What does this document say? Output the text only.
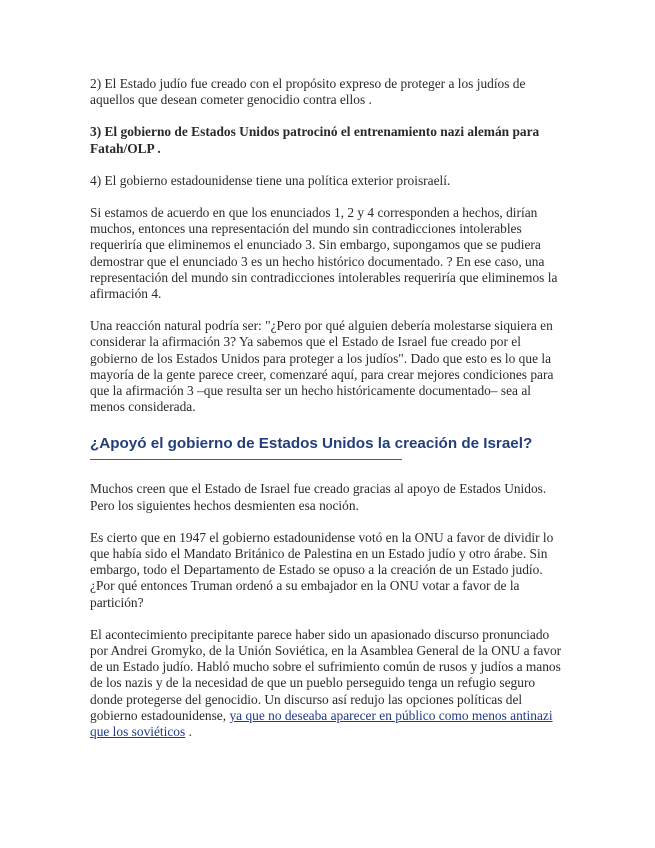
2) El Estado judío fue creado con el propósito expreso de proteger a los judíos de aquellos que desean cometer genocidio contra ellos .

3) El gobierno de Estados Unidos patrocinó el entrenamiento nazi alemán para Fatah/OLP .

4) El gobierno estadounidense tiene una política exterior proisraelí.

Si estamos de acuerdo en que los enunciados 1, 2 y 4 corresponden a hechos, dirían muchos, entonces una representación del mundo sin contradicciones intolerables requeriría que eliminemos el enunciado 3. Sin embargo, supongamos que se pudiera demostrar que el enunciado 3 es un hecho histórico documentado. ? En ese caso, una representación del mundo sin contradicciones intolerables requeriría que eliminemos la afirmación 4.

Una reacción natural podría ser: "¿Pero por qué alguien debería molestarse siquiera en considerar la afirmación 3? Ya sabemos que el Estado de Israel fue creado por el gobierno de los Estados Unidos para proteger a los judíos". Dado que esto es lo que la mayoría de la gente parece creer, comenzaré aquí, para crear mejores condiciones para que la afirmación 3 –que resulta ser un hecho históricamente documentado– sea al menos considerada.

¿Apoyó el gobierno de Estados Unidos la creación de Israel?
————————————————————————

Muchos creen que el Estado de Israel fue creado gracias al apoyo de Estados Unidos. Pero los siguientes hechos desmienten esa noción.

Es cierto que en 1947 el gobierno estadounidense votó en la ONU a favor de dividir lo que había sido el Mandato Británico de Palestina en un Estado judío y otro árabe. Sin embargo, todo el Departamento de Estado se opuso a la creación de un Estado judío. ¿Por qué entonces Truman ordenó a su embajador en la ONU votar a favor de la partición?

El acontecimiento precipitante parece haber sido un apasionado discurso pronunciado por Andrei Gromyko, de la Unión Soviética, en la Asamblea General de la ONU a favor de un Estado judío. Habló mucho sobre el sufrimiento común de rusos y judíos a manos de los nazis y de la necesidad de que un pueblo perseguido tenga un refugio seguro donde protegerse del genocidio. Un discurso así redujo las opciones políticas del gobierno estadounidense, ya que no deseaba aparecer en público como menos antinazi que los soviéticos .
